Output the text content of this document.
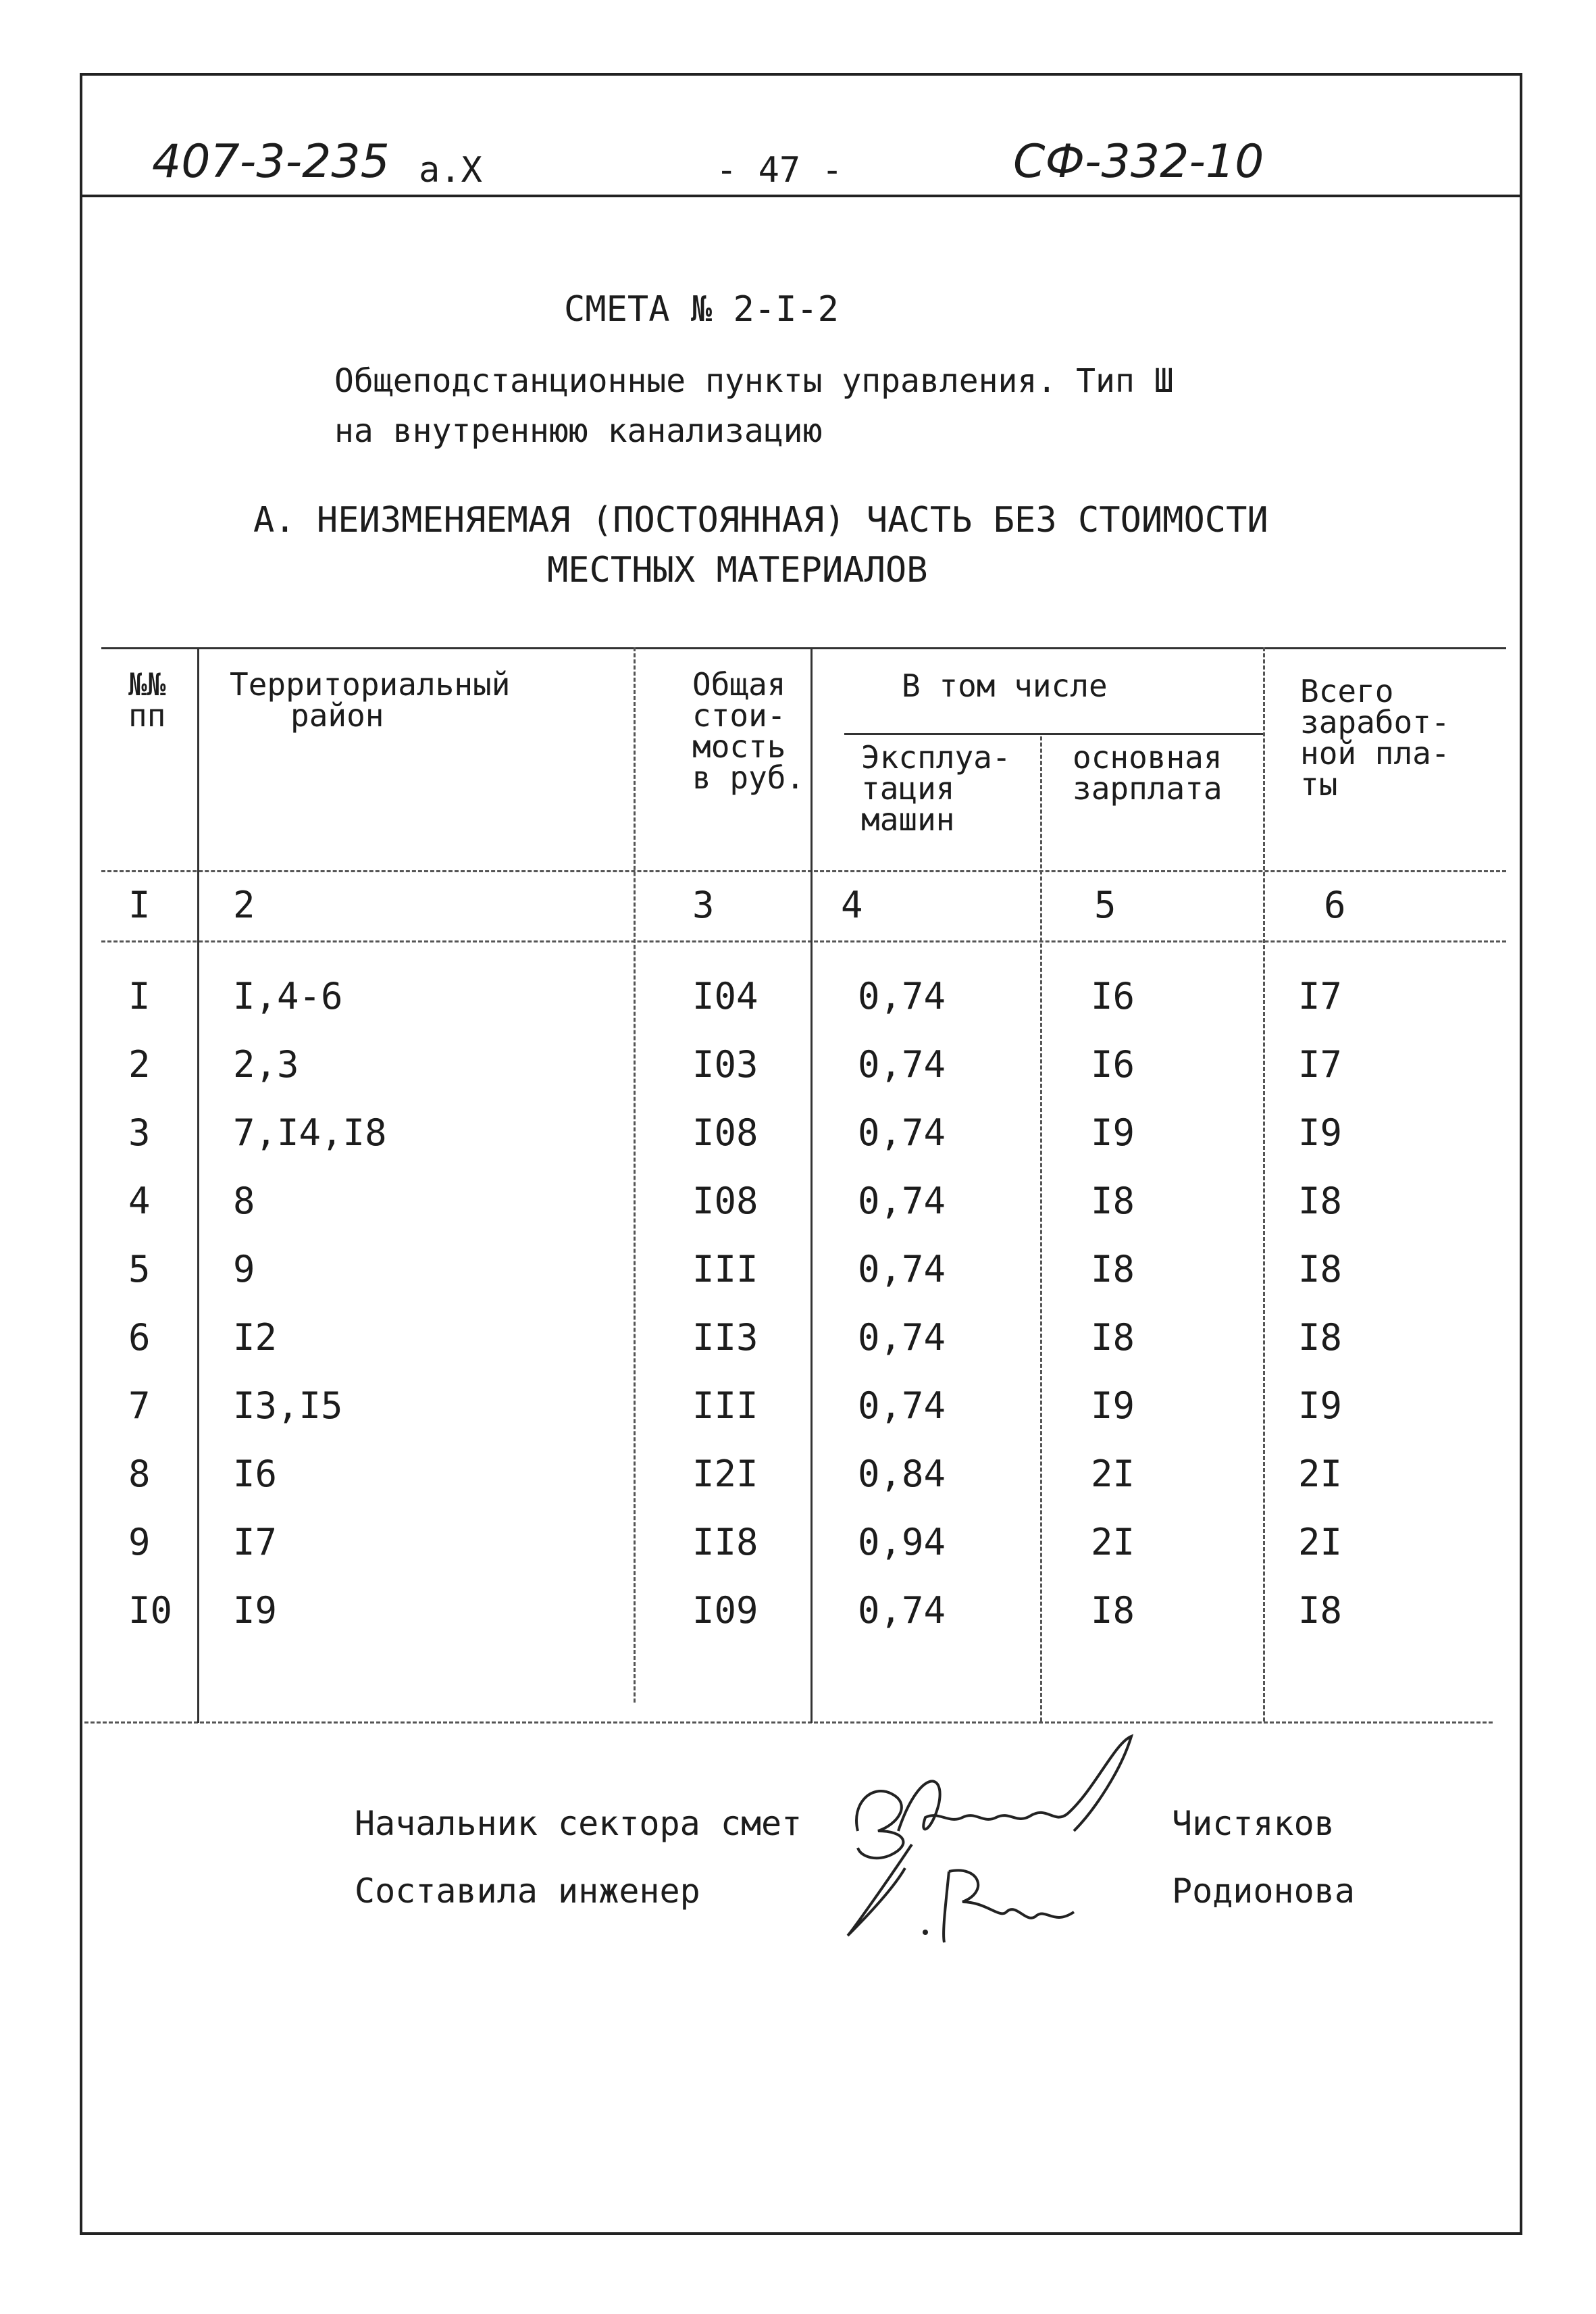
407-3-235 а.Х	- 47 -	СФ-332-10
СМЕТА № 2-I-2
Общеподстанционные пункты управления. Тип Ш
на внутреннюю канализацию
А. НЕИЗМЕНЯЕМАЯ (ПОСТОЯННАЯ) ЧАСТЬ БЕЗ СТОИМОСТИ
МЕСТНЫХ МАТЕРИАЛОВ
№№
пп
Территориальный
район
Общая
стои-
мость
в руб.
В том числе
Эксплуа-
тация
машин
основная
зарплата
Всего
заработ-
ной пла-
ты
I 2	3	4	5	6
I I,4-6	I04	0,74	I6	I7
2 2,3	I03	0,74	I6	I7
3 7,I4,I8	I08	0,74	I9	I9
4 8	I08	0,74	I8	I8
5 9	III	0,74	I8	I8
6 I2	II3	0,74	I8	I8
7 I3,I5	III	0,74	I9	I9
8 I6	I2I	0,84	2I	2I
9 I7	II8	0,94	2I	2I
I0 I9	I09	0,74	I8	I8
Начальник сектора смет	Чистяков
Составила инженер	Родионова
